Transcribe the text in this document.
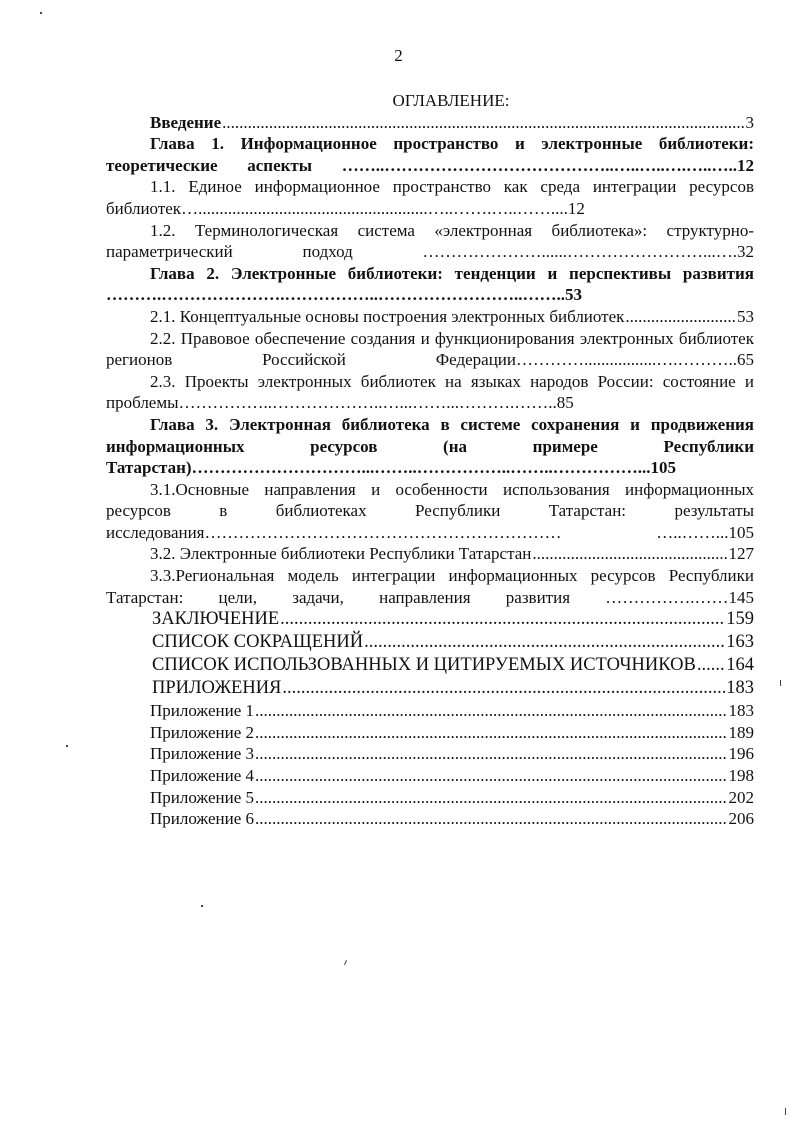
2
ОГЛАВЛЕНИЕ:
Введение .....	3
Глава 1. Информационное пространство и электронные библиотеки: теоретические аспекты ……..…………………………………..…..…..….…..…..12
1.1. Единое информационное пространство как среда интеграции ресурсов библиотек…......................................................…..…….…..……....12
1.2. Терминологическая система «электронная библиотека»: структурно-параметрический подход …………………......……………………...….32
Глава 2. Электронные библиотеки: тенденции и перспективы развития ……….………………….……………..……………………..……..53
2.1. Концептуальные основы построения электронных библиотек .....	53
2.2. Правовое обеспечение создания и функционирования электронных библиотек регионов Российской Федерации………….................….………..65
2.3. Проекты электронных библиотек на языках народов России: состояние и проблемы……………..………………..…...……...……….……..85
Глава 3. Электронная библиотека в системе сохранения и продвижения информационных ресурсов (на примере Республики Татарстан)…………………………...……..……………..……..……………...105
3.1.Основные направления и особенности использования информационных ресурсов в библиотеках Республики Татарстан: результаты исследования……………………………………………………… …..……...105
3.2. Электронные библиотеки Республики Татарстан .....	127
3.3.Региональная модель интеграции информационных ресурсов Республики Татарстан: цели, задачи, направления развития …………….……145
ЗАКЛЮЧЕНИЕ .....	159
СПИСОК СОКРАЩЕНИЙ .....	163
СПИСОК ИСПОЛЬЗОВАННЫХ И ЦИТИРУЕМЫХ ИСТОЧНИКОВ ..... 164
ПРИЛОЖЕНИЯ .....	183
Приложение 1 .....	183
Приложение 2 .....	189
Приложение 3 .....	196
Приложение 4 .....	198
Приложение 5 .....	202
Приложение 6 .....	206
